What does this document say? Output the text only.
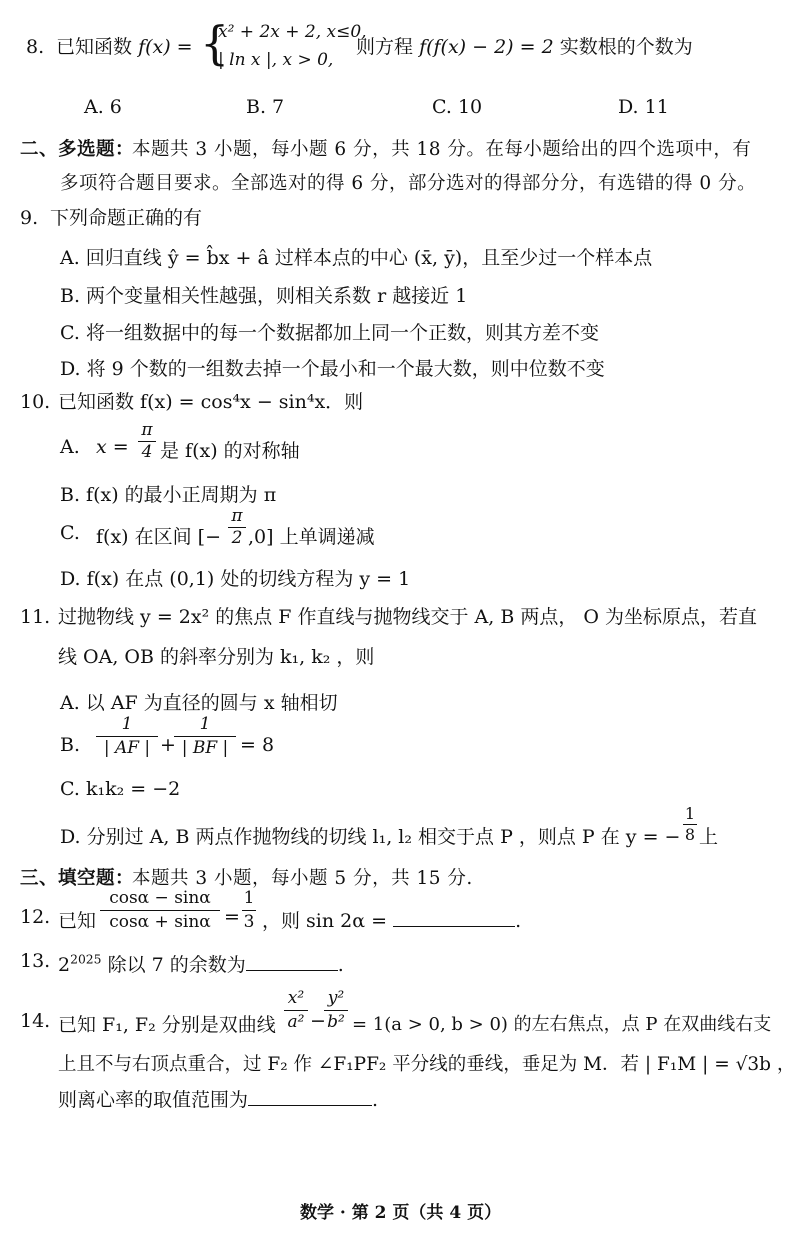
8. 已知函数 f(x) = {
x² + 2x + 2, x≤0,
| ln x |, x > 0,
则方程 f(f(x) − 2) = 2 实数根的个数为
A. 6	B. 7	C. 10	D. 11
二、多选题：
本题共 3 小题，每小题 6 分，共 18 分。在每小题给出的四个选项中，有
多项符合题目要求。全部选对的得 6 分，部分选对的得部分分，有选错的得 0 分。
9. 下列命题正确的有
A. 回归直线 ŷ = b̂x + â 过样本点的中心 (x̄, ȳ)，且至少过一个样本点
B. 两个变量相关性越强，则相关系数 r 越接近 1
C. 将一组数据中的每一个数据都加上同一个正数，则其方差不变
D. 将 9 个数的一组数去掉一个最小和一个最大数，则中位数不变
10. 已知函数 f(x) = cos⁴x − sin⁴x．则
A. x =
π
4 是 f(x) 的对称轴
B. f(x) 的最小正周期为 π
C. f(x) 在区间 [−
π
2 ,0] 上单调递减
D. f(x) 在点 (0,1) 处的切线方程为 y = 1
11. 过抛物线 y = 2x² 的焦点 F 作直线与抛物线交于 A, B 两点， O 为坐标原点，若直
线 OA, OB 的斜率分别为 k₁, k₂ ，则
A. 以 AF 为直径的圆与 x 轴相切
B.
1
| AF | +
1
| BF | = 8
C. k₁k₂ = −2
D. 分别过 A, B 两点作抛物线的切线 l₁, l₂ 相交于点 P ，则点 P 在 y = −
1
8 上
三、填空题：
本题共 3 小题，每小题 5 分，共 15 分.
12. 已知
cosα − sinα
cosα + sinα =
1
3 ，则 sin 2α =	.
13. $2^{2025}$ 除以 7 的余数为	.
14. 已知 F₁, F₂ 分别是双曲线
x²
a² −
y²
b² = 1(a > 0, b > 0) 的左右焦点，点 P 在双曲线右支
上且不与右顶点重合，过 F₂ 作 ∠F₁PF₂ 平分线的垂线，垂足为 M．若 | F₁M | = √3b ，
则离心率的取值范围为	.
数学 · 第 2 页（共 4 页）
